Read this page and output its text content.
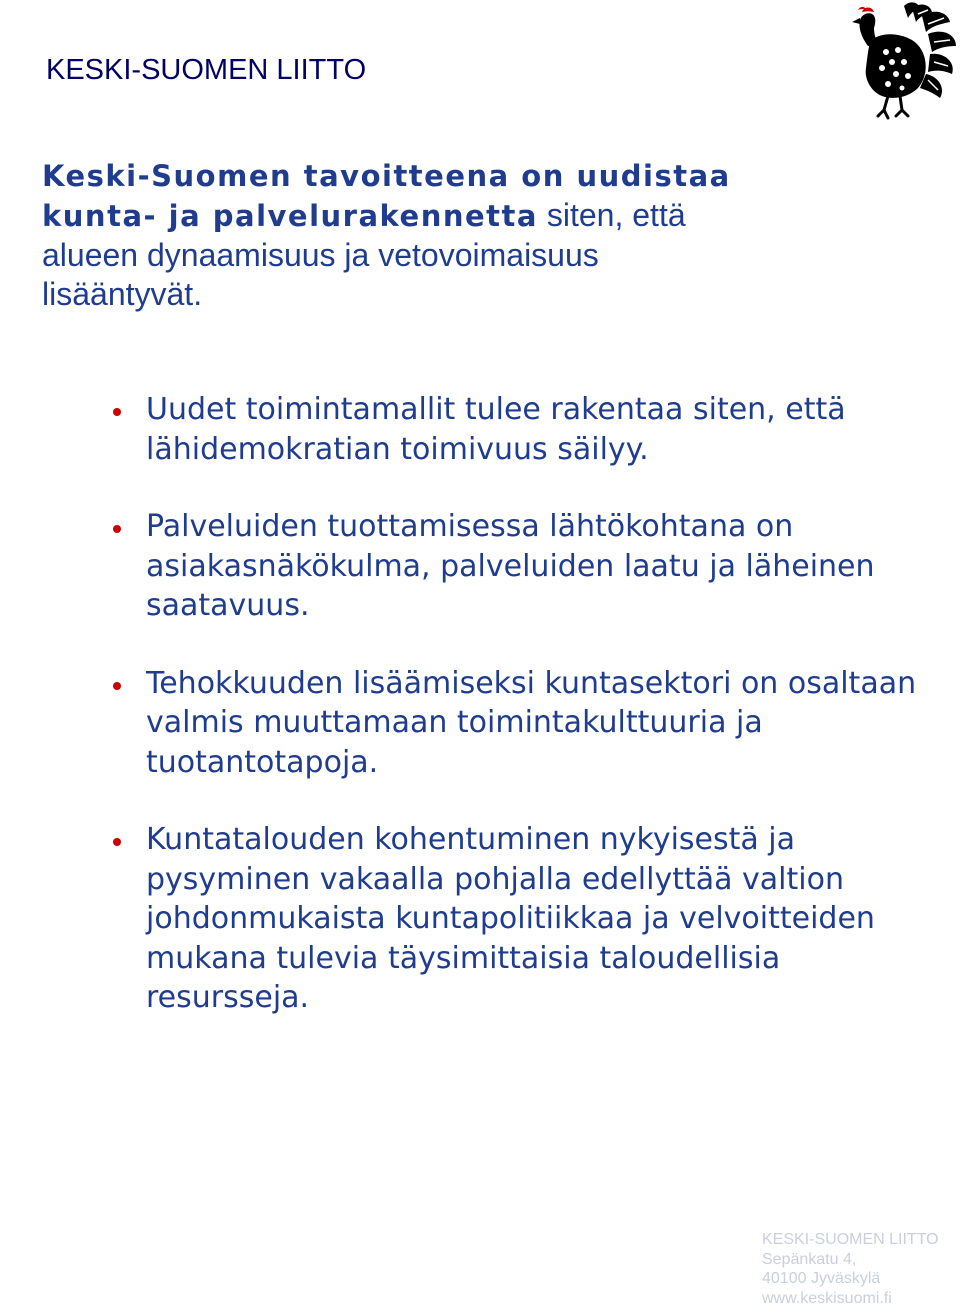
KESKI-SUOMEN LIITTO
Keski-Suomen tavoitteena on uudistaa
kunta- ja palvelurakennetta siten, että
alueen dynaamisuus ja vetovoimaisuus
lisääntyvät.
Uudet toimintamallit tulee rakentaa siten, että lähidemokratian toimivuus säilyy.
Palveluiden tuottamisessa lähtökohtana on asiakasnäkökulma, palveluiden laatu ja läheinen saatavuus.
Tehokkuuden lisäämiseksi kuntasektori on osaltaan valmis muuttamaan toimintakulttuuria ja tuotantotapoja.
Kuntatalouden kohentuminen nykyisestä ja pysyminen vakaalla pohjalla edellyttää valtion johdonmukaista kuntapolitiikkaa ja velvoitteiden mukana tulevia täysimittaisia taloudellisia resursseja.
KESKI-SUOMEN LIITTO
Sepänkatu 4,
40100 Jyväskylä
www.keskisuomi.fi
